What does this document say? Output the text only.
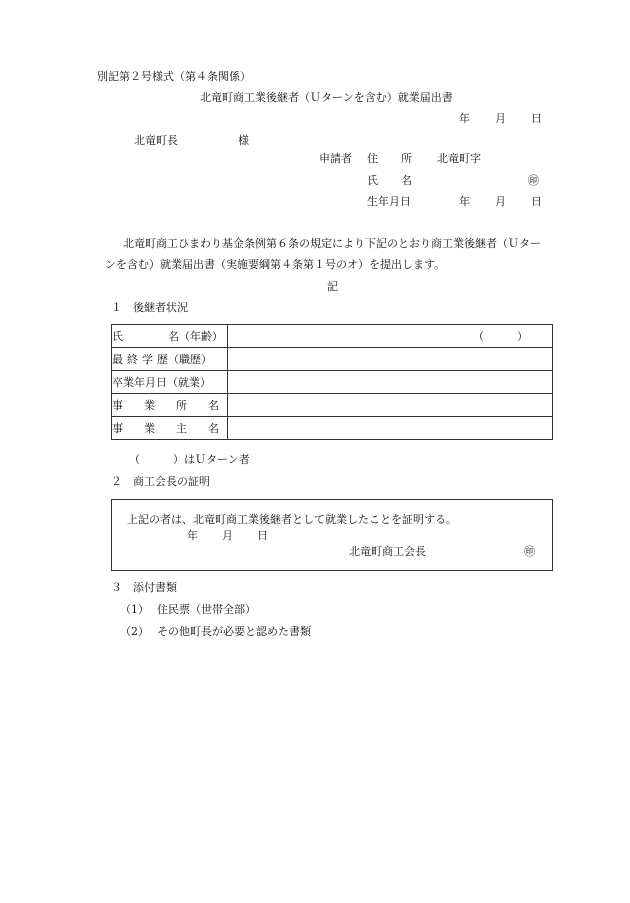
別記第２号様式（第４条関係）
北竜町商工業後継者（Ｕターンを含む）就業届出書
年 月 日
北竜町長	様
申請者 住 所 北竜町字
氏 名	㊞
生年月日	年 月 日
北竜町商工ひまわり基金条例第６条の規定により下記のとおり商工業後継者（Ｕター
ンを含む）就業届出書（実施要綱第４条第１号のオ）を提出します。
記
１　後継者状況
氏 名（年齢）	（　　　）

最 終 学 歴 （職歴）	

卒業年月日（就業）	

事 業 所 名	

事 業 主 名	

（　　　）はＵターン者
２　商工会長の証明
上記の者は、北竜町商工業後継者として就業したことを証明する。
年 月 日
北竜町商工会長	㊞
３　添付書類
（1） 住民票（世帯全部）
（2） その他町長が必要と認めた書類
